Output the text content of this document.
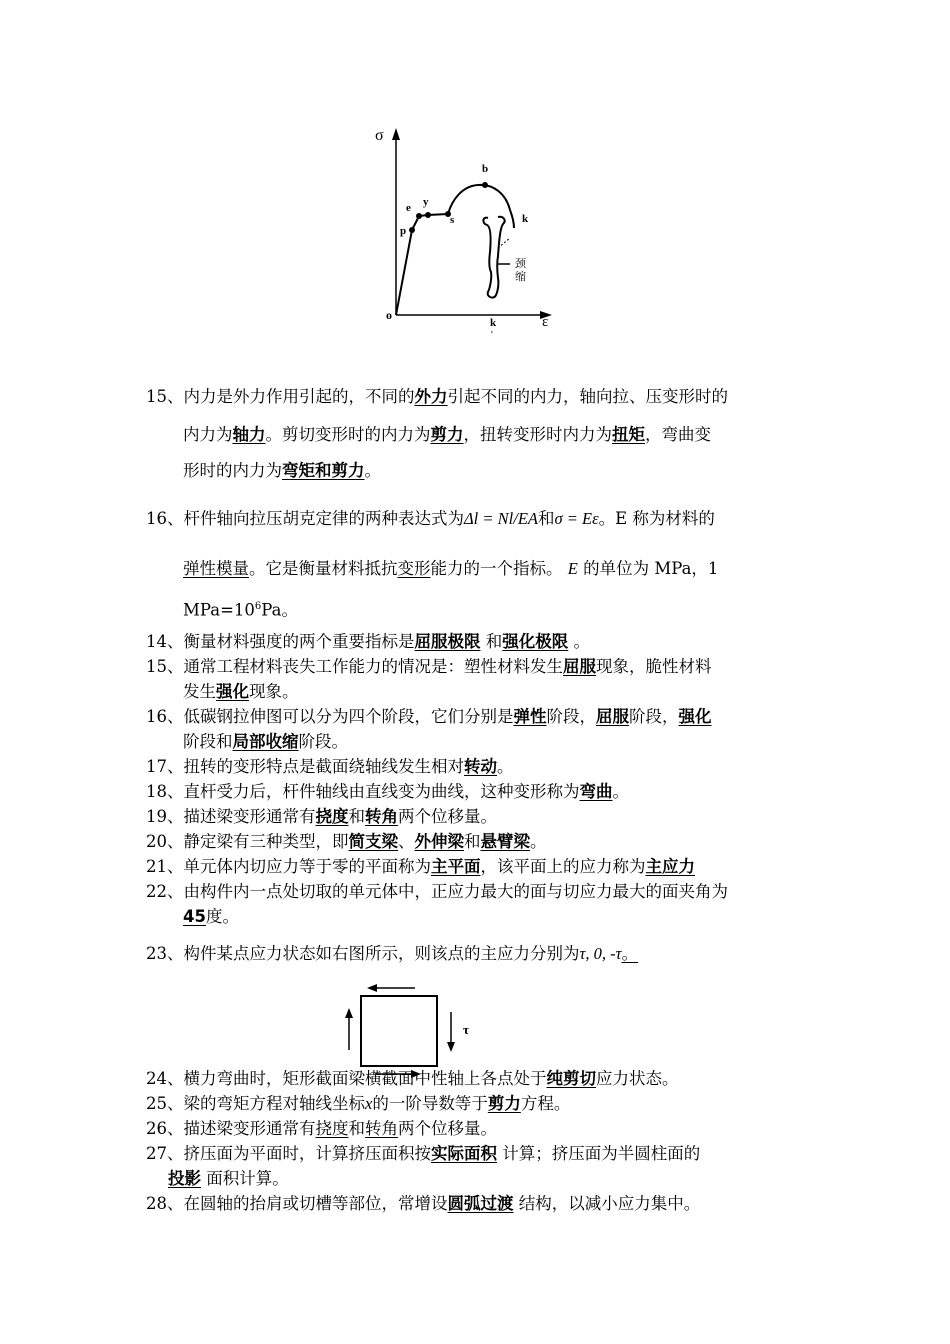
σ
ε
o
p
e y
s
b
k
k
'
颈
缩
15、内力是外力作用引起的，不同的外力引起不同的内力，轴向拉、压变形时的
内力为轴力。剪切变形时的内力为剪力，扭转变形时内力为扭矩，弯曲变
形时的内力为弯矩和剪力。
16、杆件轴向拉压胡克定律的两种表达式为Δl = Nl/EA和σ = Eε。E 称为材料的
弹性模量。它是衡量材料抵抗变形能力的一个指标。 E 的单位为 MPa，1
$MPa=10^6Pa$。
14、衡量材料强度的两个重要指标是屈服极限 和强化极限 。
15、通常工程材料丧失工作能力的情况是：塑性材料发生屈服现象，脆性材料
发生强化现象。
16、低碳钢拉伸图可以分为四个阶段，它们分别是弹性阶段，屈服阶段，强化
阶段和局部收缩阶段。
17、扭转的变形特点是截面绕轴线发生相对转动。
18、直杆受力后，杆件轴线由直线变为曲线，这种变形称为弯曲。
19、描述梁变形通常有挠度和转角两个位移量。
20、静定梁有三种类型，即简支梁、外伸梁和悬臂梁。
21、单元体内切应力等于零的平面称为主平面，该平面上的应力称为主应力
22、由构件内一点处切取的单元体中，正应力最大的面与切应力最大的面夹角为
45度。
23、构件某点应力状态如右图所示，则该点的主应力分别为τ, 0, -τ。
τ
24、横力弯曲时，矩形截面梁横截面中性轴上各点处于纯剪切应力状态。
25、梁的弯矩方程对轴线坐标x的一阶导数等于剪力方程。
26、描述梁变形通常有挠度和转角两个位移量。
27、挤压面为平面时，计算挤压面积按实际面积 计算；挤压面为半圆柱面的
投影 面积计算。
28、在圆轴的抬肩或切槽等部位，常增设圆弧过渡 结构，以减小应力集中。
